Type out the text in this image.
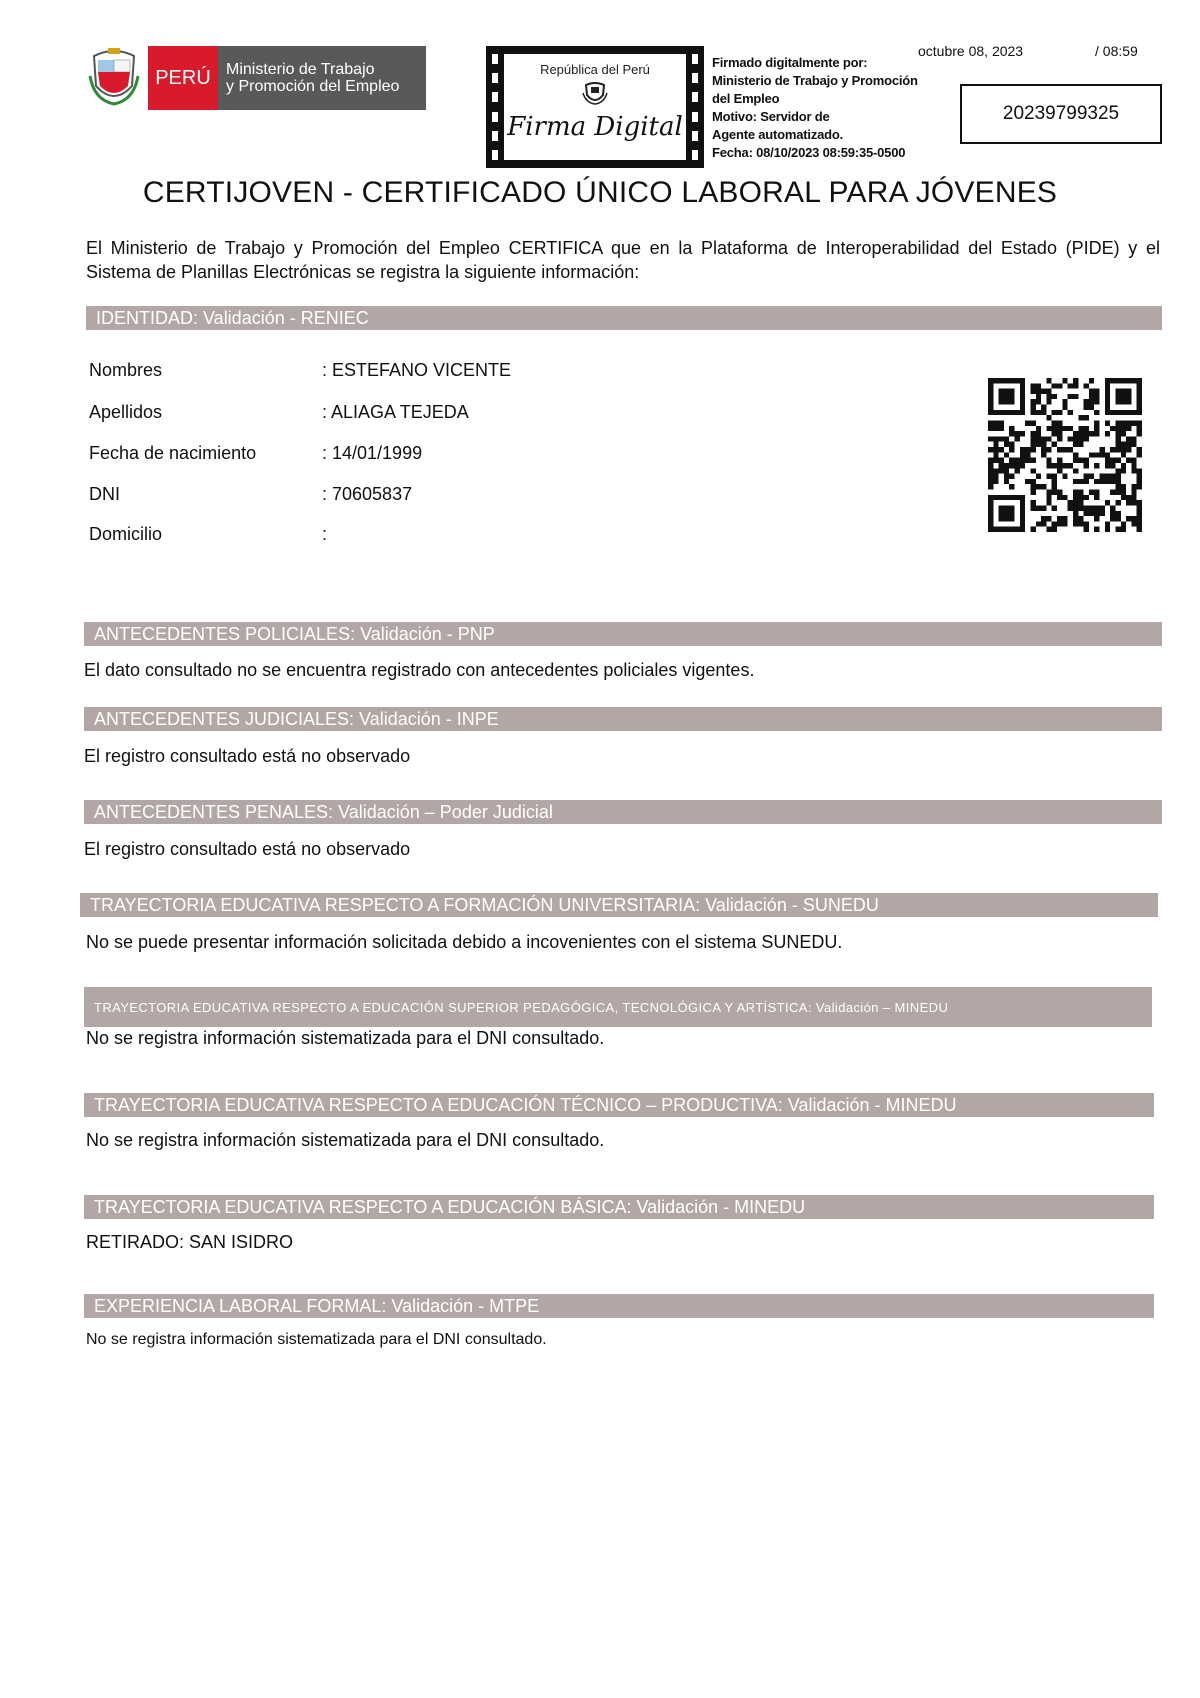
PERÚ Ministerio de Trabajo
y Promoción del Empleo
República del Perú
Firma Digital
Firmado digitalmente por:
Ministerio de Trabajo y Promoción
del Empleo
Motivo: Servidor de
Agente automatizado.
Fecha: 08/10/2023 08:59:35-0500
octubre 08, 2023	/ 08:59
20239799325
CERTIJOVEN - CERTIFICADO ÚNICO LABORAL PARA JÓVENES
El Ministerio de Trabajo y Promoción del Empleo CERTIFICA que en la Plataforma de Interoperabilidad del Estado (PIDE) y el Sistema de Planillas Electrónicas se registra la siguiente información:
IDENTIDAD: Validación - RENIEC
Nombres	: ESTEFANO VICENTE
Apellidos	: ALIAGA TEJEDA
Fecha de nacimiento	: 14/01/1999
DNI	: 70605837
Domicilio	:
ANTECEDENTES POLICIALES: Validación - PNP
El dato consultado no se encuentra registrado con antecedentes policiales vigentes.
ANTECEDENTES JUDICIALES: Validación - INPE
El registro consultado está no observado
ANTECEDENTES PENALES: Validación – Poder Judicial
El registro consultado está no observado
TRAYECTORIA EDUCATIVA RESPECTO A FORMACIÓN UNIVERSITARIA: Validación - SUNEDU
No se puede presentar información solicitada debido a incovenientes con el sistema SUNEDU.
TRAYECTORIA EDUCATIVA RESPECTO A EDUCACIÓN SUPERIOR PEDAGÓGICA, TECNOLÓGICA Y ARTÍSTICA: Validación – MINEDU
No se registra información sistematizada para el DNI consultado.
TRAYECTORIA EDUCATIVA RESPECTO A EDUCACIÓN TÉCNICO – PRODUCTIVA: Validación - MINEDU
No se registra información sistematizada para el DNI consultado.
TRAYECTORIA EDUCATIVA RESPECTO A EDUCACIÓN BÁSICA: Validación - MINEDU
RETIRADO: SAN ISIDRO
EXPERIENCIA LABORAL FORMAL: Validación - MTPE
No se registra información sistematizada para el DNI consultado.
